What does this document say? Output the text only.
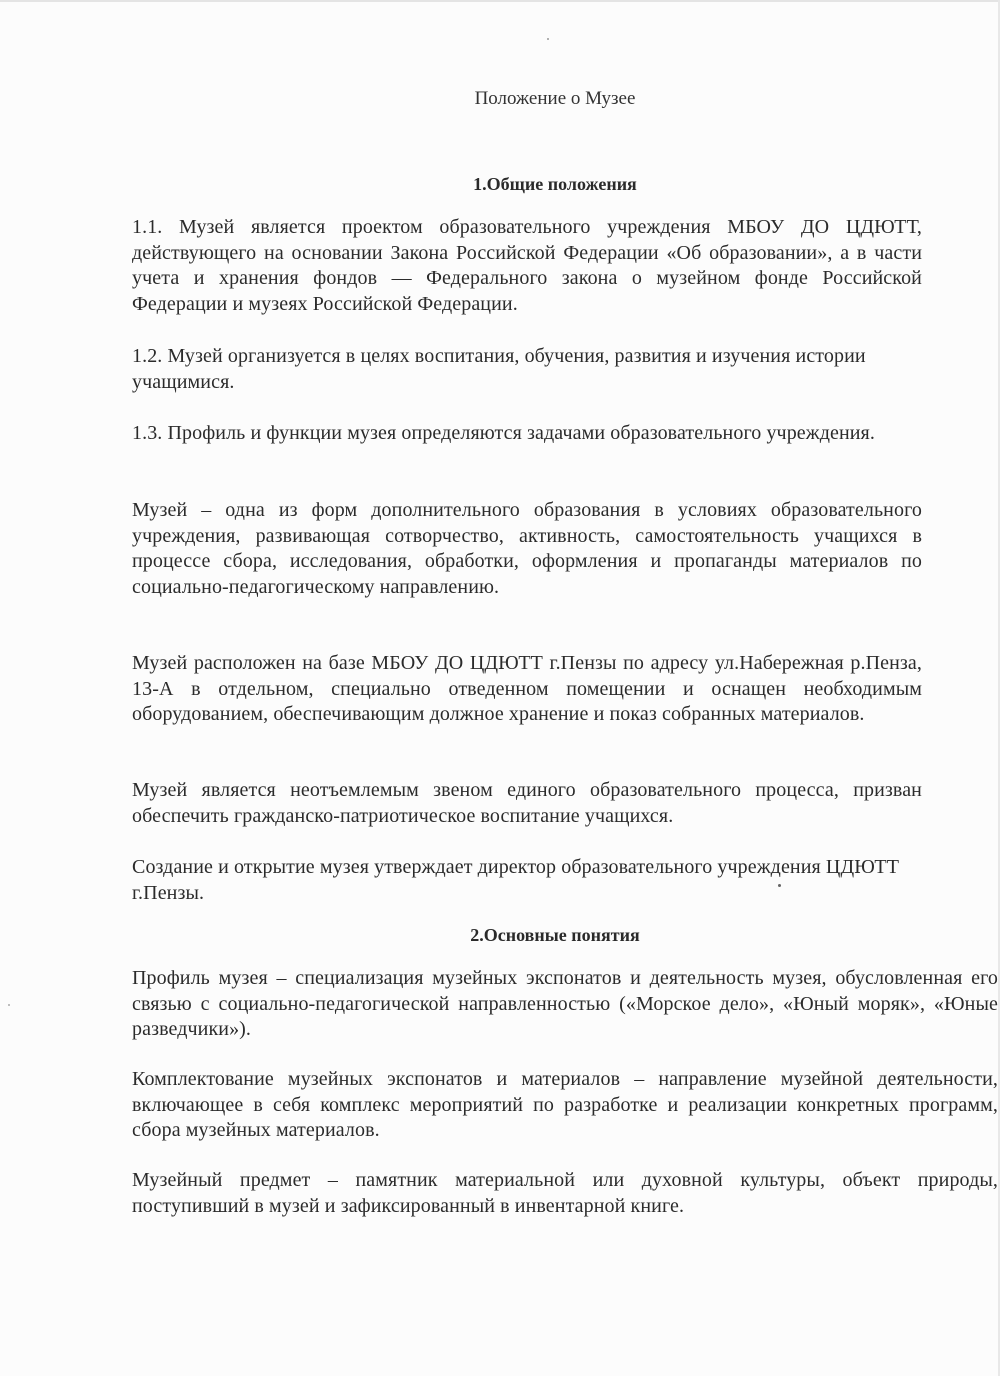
Положение о Музее
1.Общие положения

1.1. Музей является проектом образовательного учреждения МБОУ ДО ЦДЮТТ, действующего на основании Закона Российской Федерации «Об образовании», а в части учета и хранения фондов — Федерального закона о музейном фонде Российской Федерации и музеях Российской Федерации.

1.2. Музей организуется в целях воспитания, обучения, развития и изучения истории учащимися.

1.3. Профиль и функции музея определяются задачами образовательного учреждения.

Музей – одна из форм дополнительного образования в условиях образовательного учреждения, развивающая сотворчество, активность, самостоятельность учащихся в процессе сбора, исследования, обработки, оформления и пропаганды материалов по социально-педагогическому направлению.

Музей расположен на базе МБОУ ДО ЦДЮТТ г.Пензы по адресу ул.Набережная р.Пенза, 13-А в отдельном, специально отведенном помещении и оснащен необходимым оборудованием, обеспечивающим должное хранение и показ собранных материалов.

Музей является неотъемлемым звеном единого образовательного процесса, призван обеспечить гражданско-патриотическое воспитание учащихся.

Создание и открытие музея утверждает директор образовательного учреждения ЦДЮТТ г.Пензы.

2.Основные понятия

Профиль музея – специализация музейных экспонатов и деятельность музея, обусловленная его связью с социально-педагогической направленностью («Морское дело», «Юный моряк», «Юные разведчики»).

Комплектование музейных экспонатов и материалов – направление музейной деятельности, включающее в себя комплекс мероприятий по разработке и реализации конкретных программ, сбора музейных материалов.

Музейный предмет – памятник материальной или духовной культуры, объект природы, поступивший в музей и зафиксированный в инвентарной книге.
